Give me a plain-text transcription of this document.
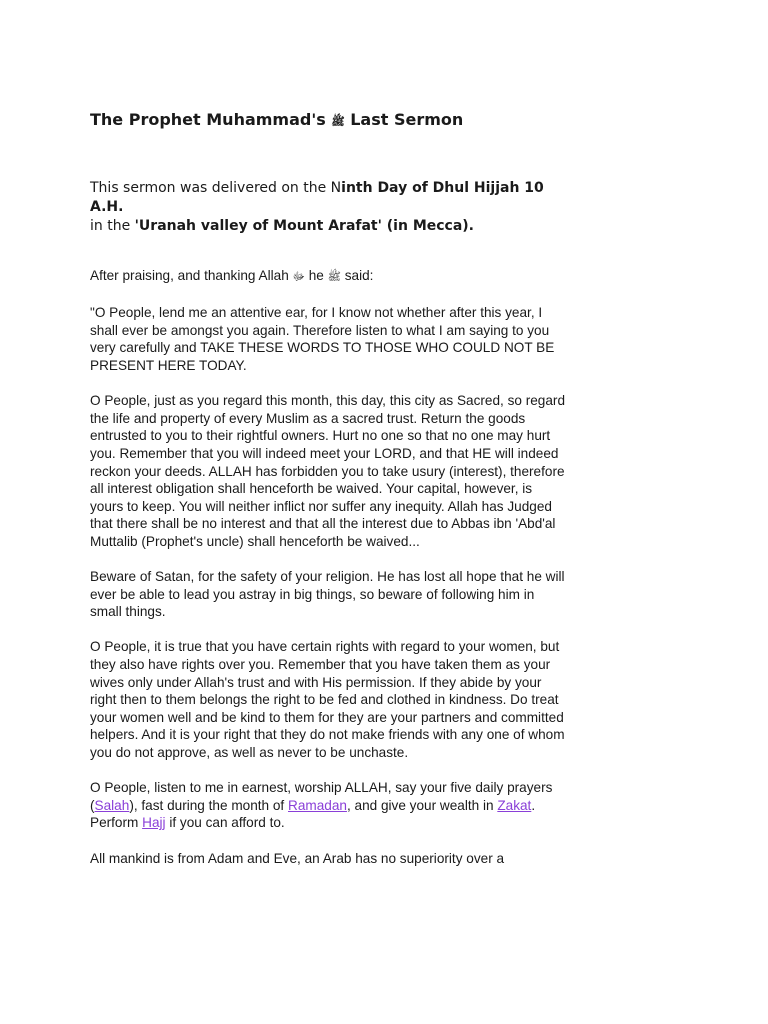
The Prophet Muhammad's ﷺ Last Sermon
This sermon was delivered on the Ninth Day of Dhul Hijjah 10 A.H.
in the 'Uranah valley of Mount Arafat' (in Mecca).

After praising, and thanking Allah ﷻ he ﷺ said:

"O People, lend me an attentive ear, for I know not whether after this year, I shall ever be amongst you again. Therefore listen to what I am saying to you very carefully and TAKE THESE WORDS TO THOSE WHO COULD NOT BE PRESENT HERE TODAY.

O People, just as you regard this month, this day, this city as Sacred, so regard the life and property of every Muslim as a sacred trust. Return the goods entrusted to you to their rightful owners. Hurt no one so that no one may hurt you. Remember that you will indeed meet your LORD, and that HE will indeed reckon your deeds. ALLAH has forbidden you to take usury (interest), therefore all interest obligation shall henceforth be waived. Your capital, however, is yours to keep. You will neither inflict nor suffer any inequity. Allah has Judged that there shall be no interest and that all the interest due to Abbas ibn 'Abd'al Muttalib (Prophet's uncle) shall henceforth be waived...

Beware of Satan, for the safety of your religion. He has lost all hope that he will ever be able to lead you astray in big things, so beware of following him in small things.

O People, it is true that you have certain rights with regard to your women, but they also have rights over you. Remember that you have taken them as your wives only under Allah's trust and with His permission. If they abide by your right then to them belongs the right to be fed and clothed in kindness. Do treat your women well and be kind to them for they are your partners and committed helpers. And it is your right that they do not make friends with any one of whom you do not approve, as well as never to be unchaste.

O People, listen to me in earnest, worship ALLAH, say your five daily prayers (Salah), fast during the month of Ramadan, and give your wealth in Zakat. Perform Hajj if you can afford to.

All mankind is from Adam and Eve, an Arab has no superiority over a
